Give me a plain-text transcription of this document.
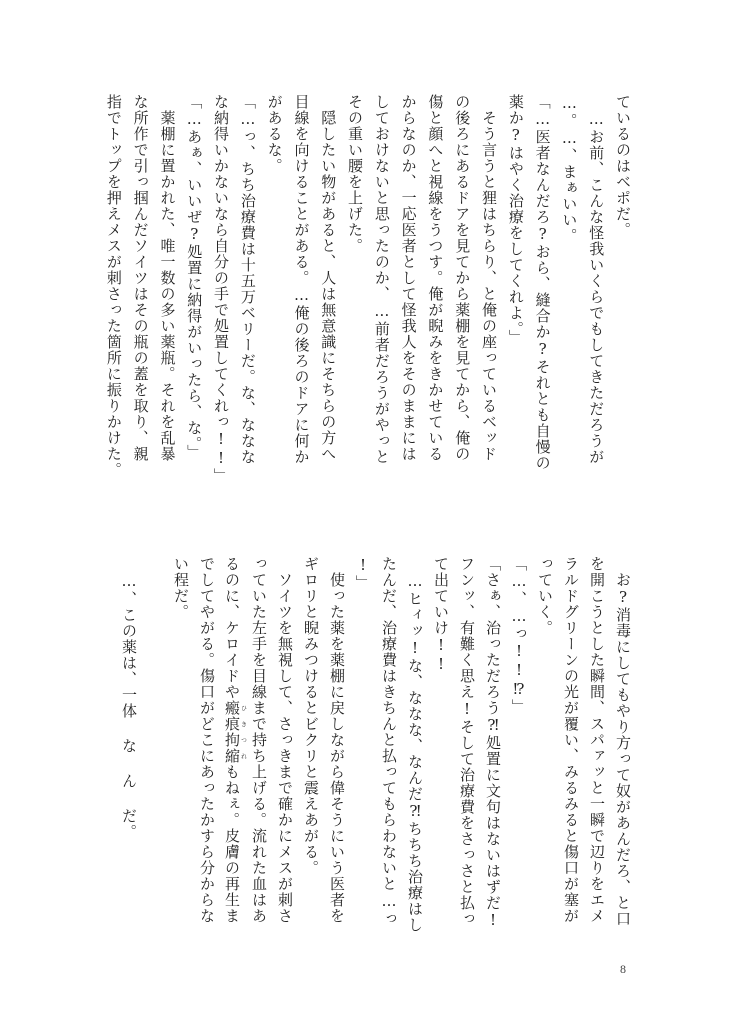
ているのはベポだ。
　…お前、こんな怪我いくらでもしてきただろうが
…。…、まぁいい。
「…医者なんだろ?おら、縫合か?それとも自慢の
薬か?はやく治療をしてくれよ。」
　そう言うと狸はちらり、と俺の座っているベッド
の後ろにあるドアを見てから薬棚を見てから、俺の
傷と顔へと視線をうつす。俺が睨みをきかせている
からなのか、一応医者として怪我人をそのままには
しておけないと思ったのか、…前者だろうがやっと
その重い腰を上げた。
　隠したい物があると、人は無意識にそちらの方へ
目線を向けることがある。…俺の後ろのドアに何か
があるな。
「…っ、ちち治療費は十五万ベリーだ。な、ななな
な納得いかないなら自分の手で処置してくれっ!!」
「…あぁ、いいぜ?処置に納得がいったら、な。」
　薬棚に置かれた、唯一数の多い薬瓶。それを乱暴
な所作で引っ掴んだソイツはその瓶の蓋を取り、親
指でトップを押えメスが刺さった箇所に振りかけた。
　お?消毒にしてもやり方って奴があんだろ、と口
を開こうとした瞬間、スパァッと一瞬で辺りをエメ
ラルドグリーンの光が覆い、みるみると傷口が塞が
っていく。
「…、…っ!!⁉」
「さぁ、治っただろう⁈処置に文句はないはずだ!
フンッ、有難く思え!そして治療費をさっさと払っ
て出ていけ!!
　…ヒィッ!な、ななな、なんだ⁈ちちち治療はし
たんだ、治療費はきちんと払ってもらわないと…っ
!」
　使った薬を薬棚に戻しながら偉そうにいう医者を
ギロリと睨みつけるとビクリと震えあがる。
　ソイツを無視して、さっきまで確かにメスが刺さ
っていた左手を目線まで持ち上げる。流れた血はあ
るのに、ケロイドや瘢痕拘縮ひきつれもねぇ。皮膚の再生ま
でしてやがる。傷口がどこにあったかすら分からな
い程だ。
　…、この薬は、一体 な ん だ。
8
